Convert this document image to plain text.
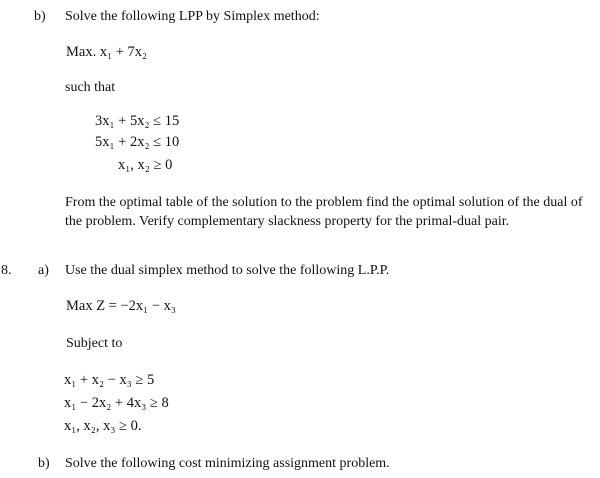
b) Solve the following LPP by Simplex method:
Max. x₁ + 7x₂
such that
3x₁ + 5x₂ ≤ 15
5x₁ + 2x₂ ≤ 10
x₁, x₂ ≥ 0
From the optimal table of the solution to the problem find the optimal solution of the dual of the problem. Verify complementary slackness property for the primal-dual pair.
8. a) Use the dual simplex method to solve the following L.P.P.
Max Z = −2x₁ − x₃
Subject to
x₁ + x₂ − x₃ ≥ 5
x₁ − 2x₂ + 4x₃ ≥ 8
x₁, x₂, x₃ ≥ 0.
b) Solve the following cost minimizing assignment problem.
